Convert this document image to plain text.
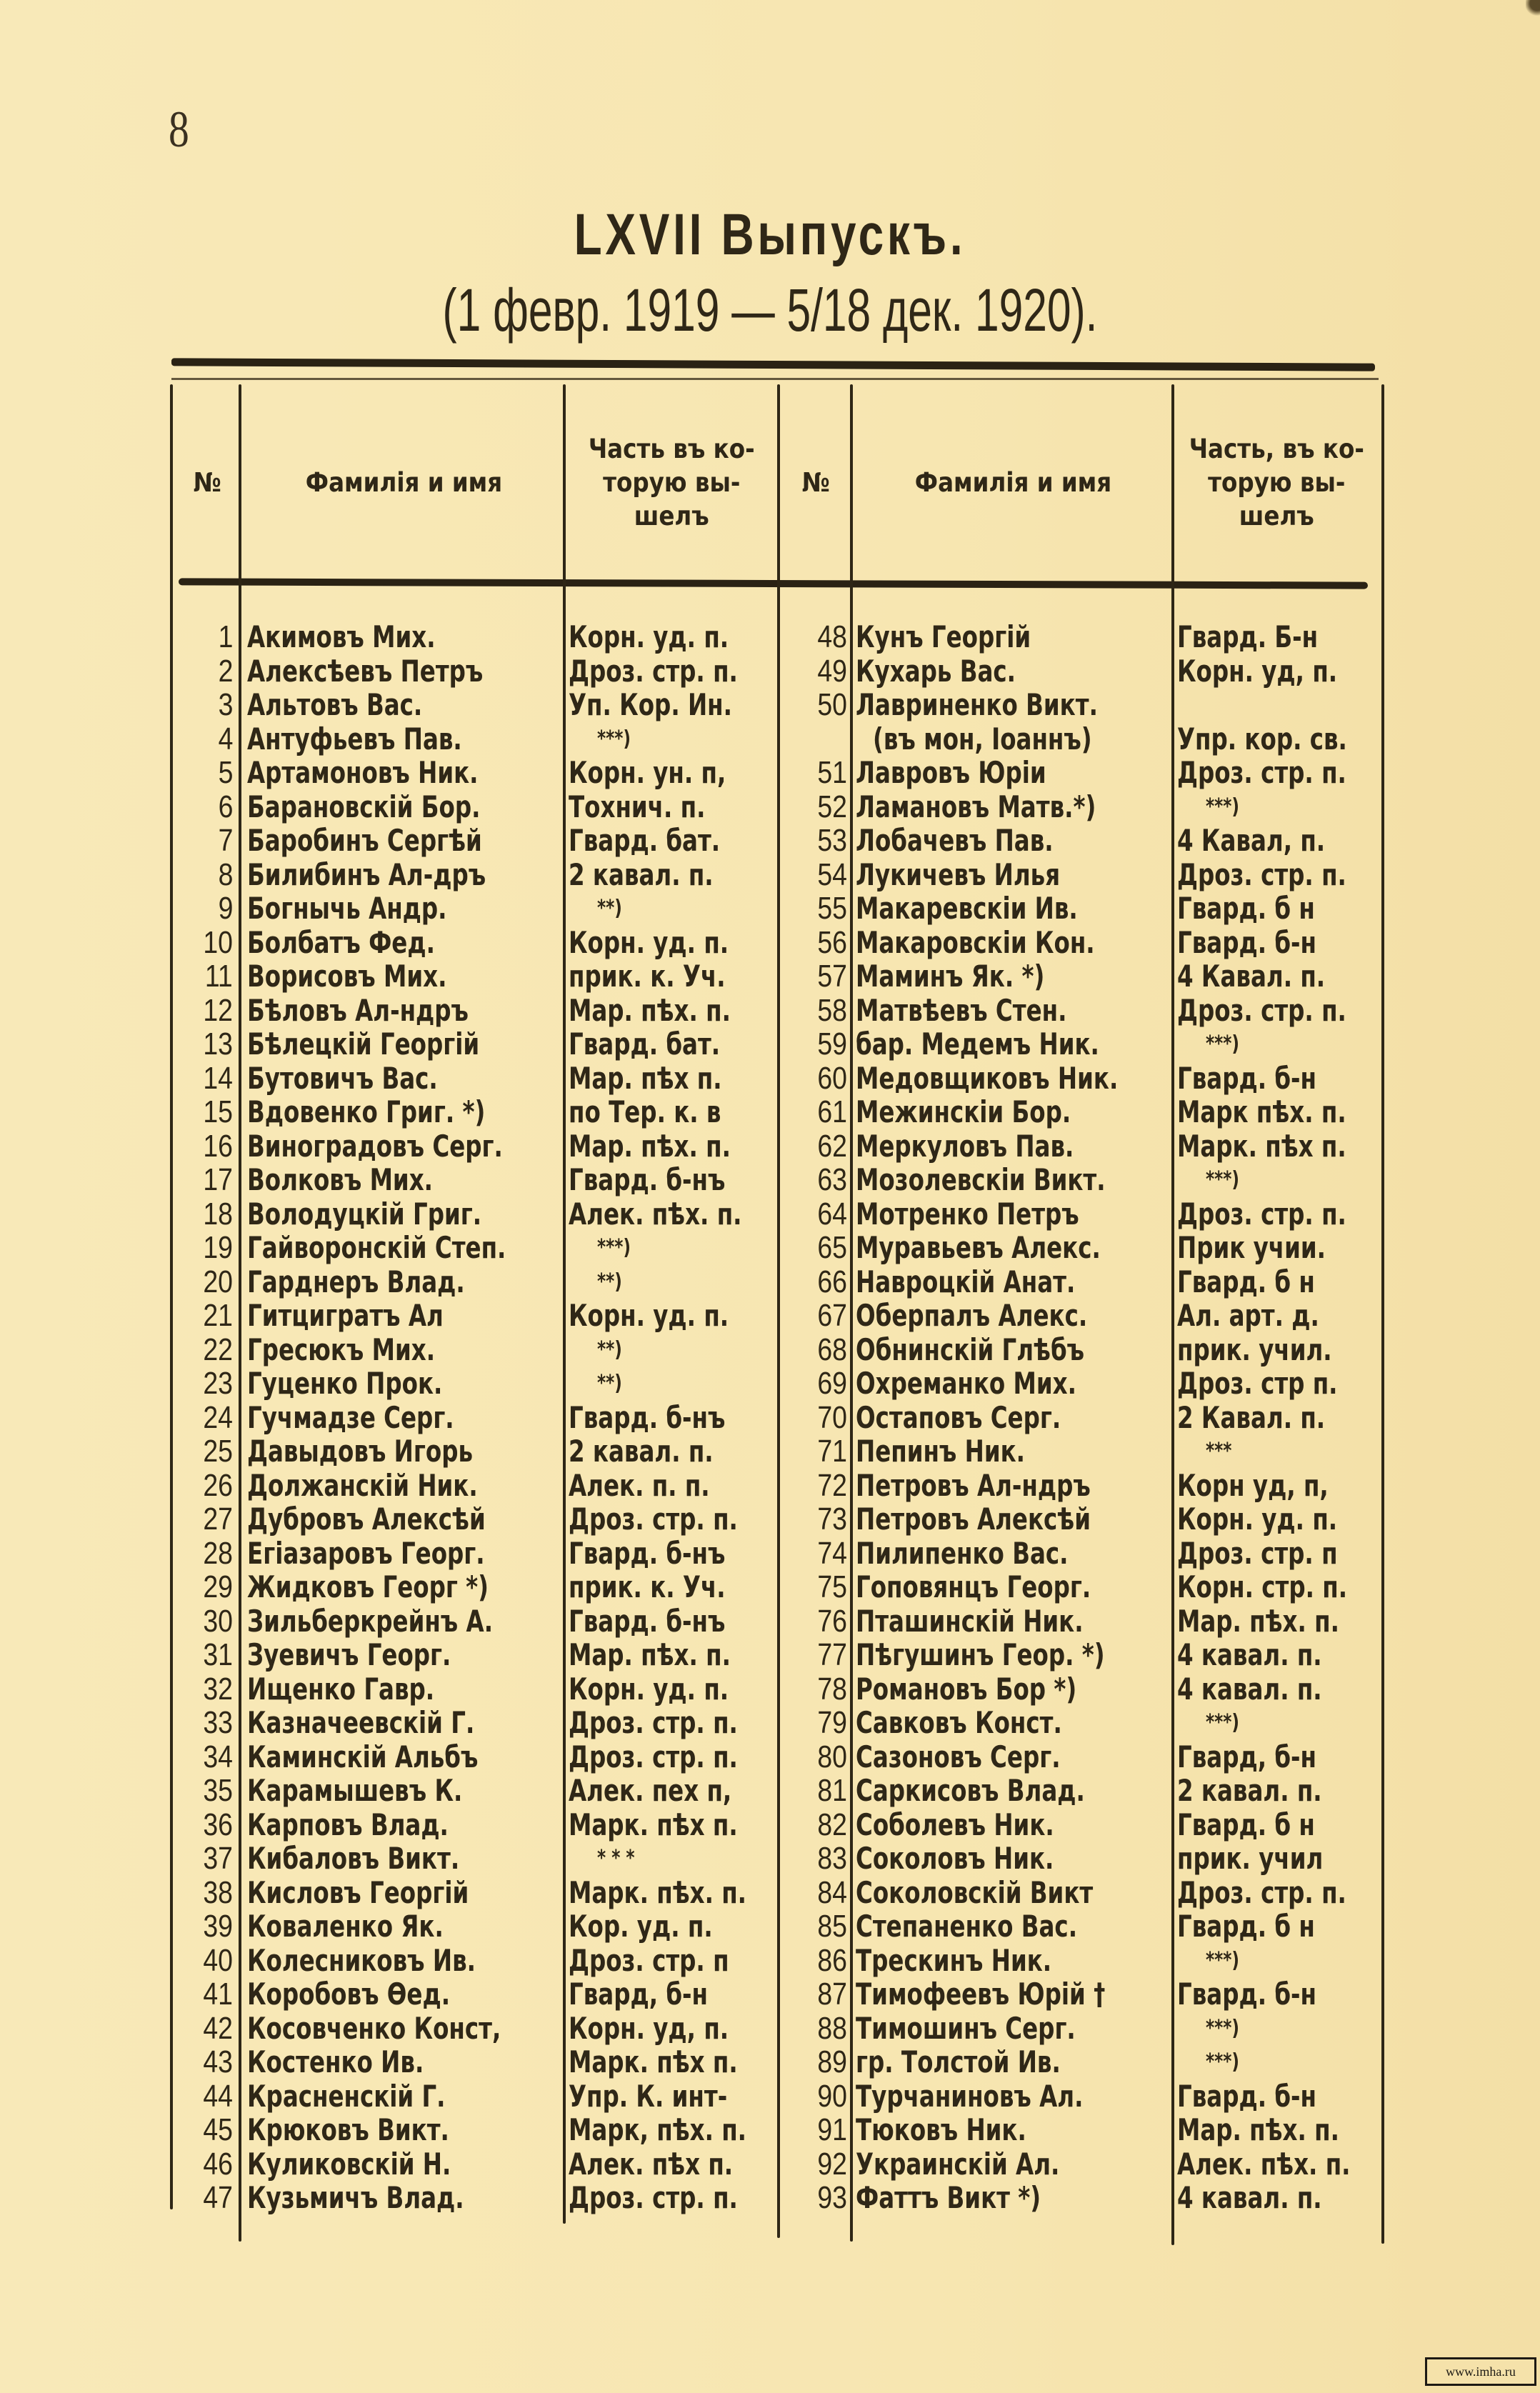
8
LXVII Выпускъ.
(1 февр. 1919 — 5/18 дек. 1920).
№	Фамилія и имя
Часть въ ко-
торую вы-
шелъ
№	Фамилія и имя
Часть, въ ко-
торую вы-
шелъ
1 Акимовъ Мих.	Корн. уд. п.
2 Алексѣевъ Петръ	Дроз. стр. п.
3 Альтовъ Вас.	Уп. Кор. Ин.
4 Антуфьевъ Пав.	***)
5 Артамоновъ Ник.	Корн. ун. п,
6 Барановскій Бор.	Тохнич. п.
7 Баробинъ Сергѣй	Гвард. бат.
8 Билибинъ Ал-дръ	2 кавал. п.
9 Богнычь Андр.	**)
10 Болбатъ Фед.	Корн. уд. п.
11 Ворисовъ Мих.	прик. к. Уч.
12 Бѣловъ Ал-ндръ	Мар. пѣх. п.
13 Бѣлецкій Георгій	Гвард. бат.
14 Бутовичъ Вас.	Мар. пѣх п.
15 Вдовенко Григ. *)	по Тер. к. в
16 Виноградовъ Серг.	Мар. пѣх. п.
17 Волковъ Мих.	Гвард. б-нъ
18 Володуцкій Григ.	Алек. пѣх. п.
19 Гайворонскій Степ.	***)
20 Гарднеръ Влад.	**)
21 Гитцигратъ Ал	Корн. уд. п.
22 Гресюкъ Мих.	**)
23 Гуценко Прок.	**)
24 Гучмадзе Серг.	Гвард. б-нъ
25 Давыдовъ Игорь	2 кавал. п.
26 Должанскій Ник.	Алек. п. п.
27 Дубровъ Алексѣй	Дроз. стр. п.
28 Егіазаровъ Георг.	Гвард. б-нъ
29 Жидковъ Георг *)	прик. к. Уч.
30 Зильберкрейнъ А.	Гвард. б-нъ
31 Зуевичъ Георг.	Мар. пѣх. п.
32 Ищенко Гавр.	Корн. уд. п.
33 Казначеевскій Г.	Дроз. стр. п.
34 Каминскій Альбъ	Дроз. стр. п.
35 Карамышевъ К.	Алек. пех п,
36 Карповъ Влад.	Марк. пѣх п.
37 Кибаловъ Викт.	* * *
38 Кисловъ Георгій	Марк. пѣх. п.
39 Коваленко Як.	Кор. уд. п.
40 Колесниковъ Ив.	Дроз. стр. п
41 Коробовъ Өед.	Гвард, б-н
42 Косовченко Конст,	Корн. уд, п.
43 Костенко Ив.	Марк. пѣх п.
44 Красненскій Г.	Упр. К. инт-
45 Крюковъ Викт.	Марк, пѣх. п.
46 Куликовскій Н.	Алек. пѣх п.
47 Кузьмичъ Влад.	Дроз. стр. п.
48 Кунъ Георгій	Гвард. Б-н
49 Кухарь Вас.	Корн. уд, п.
50 Лавриненко Викт.
(въ мон, Іоаннъ)	Упр. кор. св.
51 Лавровъ Юріи	Дроз. стр. п.
52 Ламановъ Матв.*)	***)
53 Лобачевъ Пав.	4 Кавал, п.
54 Лукичевъ Илья	Дроз. стр. п.
55 Макаревскіи Ив.	Гвард. б н
56 Макаровскіи Кон.	Гвард. б-н
57 Маминъ Як. *)	4 Кавал. п.
58 Матвѣевъ Стен.	Дроз. стр. п.
59 бар. Медемъ Ник.	***)
60 Медовщиковъ Ник.	Гвард. б-н
61 Межинскіи Бор.	Марк пѣх. п.
62 Меркуловъ Пав.	Марк. пѣх п.
63 Мозолевскіи Викт.	***)
64 Мотренко Петръ	Дроз. стр. п.
65 Муравьевъ Алекс.	Прик учии.
66 Навроцкій Анат.	Гвард. б н
67 Оберпалъ Алекс.	Ал. арт. д.
68 Обнинскій Глѣбъ	прик. учил.
69 Охреманко Мих.	Дроз. стр п.
70 Остаповъ Серг.	2 Кавал. п.
71 Пепинъ Ник.	***
72 Петровъ Ал-ндръ	Корн уд, п,
73 Петровъ Алексѣй	Корн. уд. п.
74 Пилипенко Вас.	Дроз. стр. п
75 Гоповянцъ Георг.	Корн. стр. п.
76 Пташинскій Ник.	Мар. пѣх. п.
77 Пѣгушинъ Геор. *)	4 кавал. п.
78 Романовъ Бор *)	4 кавал. п.
79 Савковъ Конст.	***)
80 Сазоновъ Серг.	Гвард, б-н
81 Саркисовъ Влад.	2 кавал. п.
82 Соболевъ Ник.	Гвард. б н
83 Соколовъ Ник.	прик. учил
84 Соколовскій Викт	Дроз. стр. п.
85 Степаненко Вас.	Гвард. б н
86 Трескинъ Ник.	***)
87 Тимофеевъ Юрій †	Гвард. б-н
88 Тимошинъ Серг.	***)
89 гр. Толстой Ив.	***)
90 Турчаниновъ Ал.	Гвард. б-н
91 Тюковъ Ник.	Мар. пѣх. п.
92 Украинскій Ал.	Алек. пѣх. п.
93 Фаттъ Викт *)	4 кавал. п.
www.imha.ru
